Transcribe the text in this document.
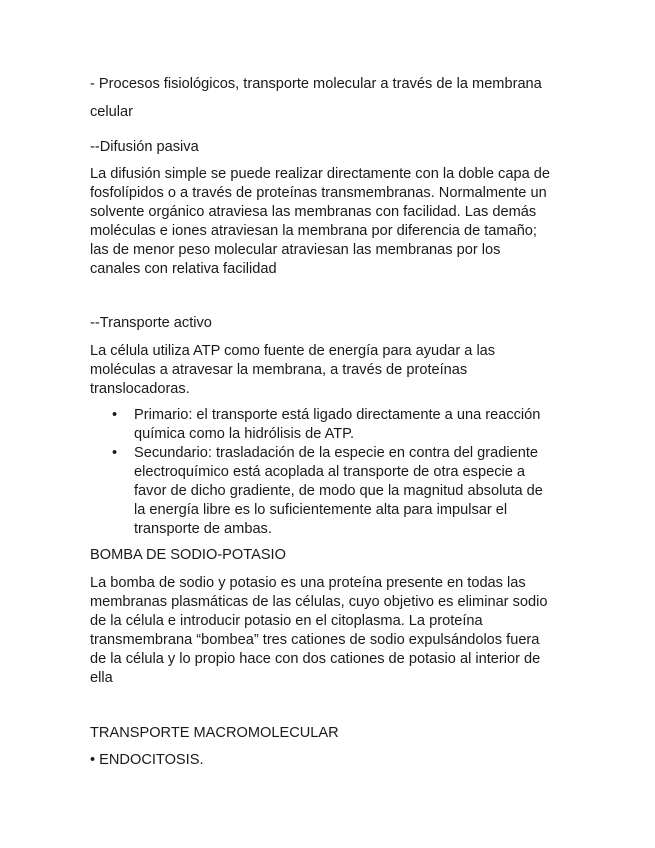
- Procesos fisiológicos, transporte molecular a través de la membrana
celular
--Difusión pasiva
La difusión simple se puede realizar directamente con la doble capa de
fosfolípidos o a través de proteínas transmembranas. Normalmente un
solvente orgánico atraviesa las membranas con facilidad. Las demás
moléculas e iones atraviesan la membrana por diferencia de tamaño;
las de menor peso molecular atraviesan las membranas por los
canales con relativa facilidad
--Transporte activo
La célula utiliza ATP como fuente de energía para ayudar a las
moléculas a atravesar la membrana, a través de proteínas
translocadoras.
• Primario: el transporte está ligado directamente a una reacción
química como la hidrólisis de ATP.
• Secundario: trasladación de la especie en contra del gradiente
electroquímico está acoplada al transporte de otra especie a
favor de dicho gradiente, de modo que la magnitud absoluta de
la energía libre es lo suficientemente alta para impulsar el
transporte de ambas.
BOMBA DE SODIO-POTASIO
La bomba de sodio y potasio es una proteína presente en todas las
membranas plasmáticas de las células, cuyo objetivo es eliminar sodio
de la célula e introducir potasio en el citoplasma. La proteína
transmembrana “bombea” tres cationes de sodio expulsándolos fuera
de la célula y lo propio hace con dos cationes de potasio al interior de
ella
TRANSPORTE MACROMOLECULAR
• ENDOCITOSIS.
